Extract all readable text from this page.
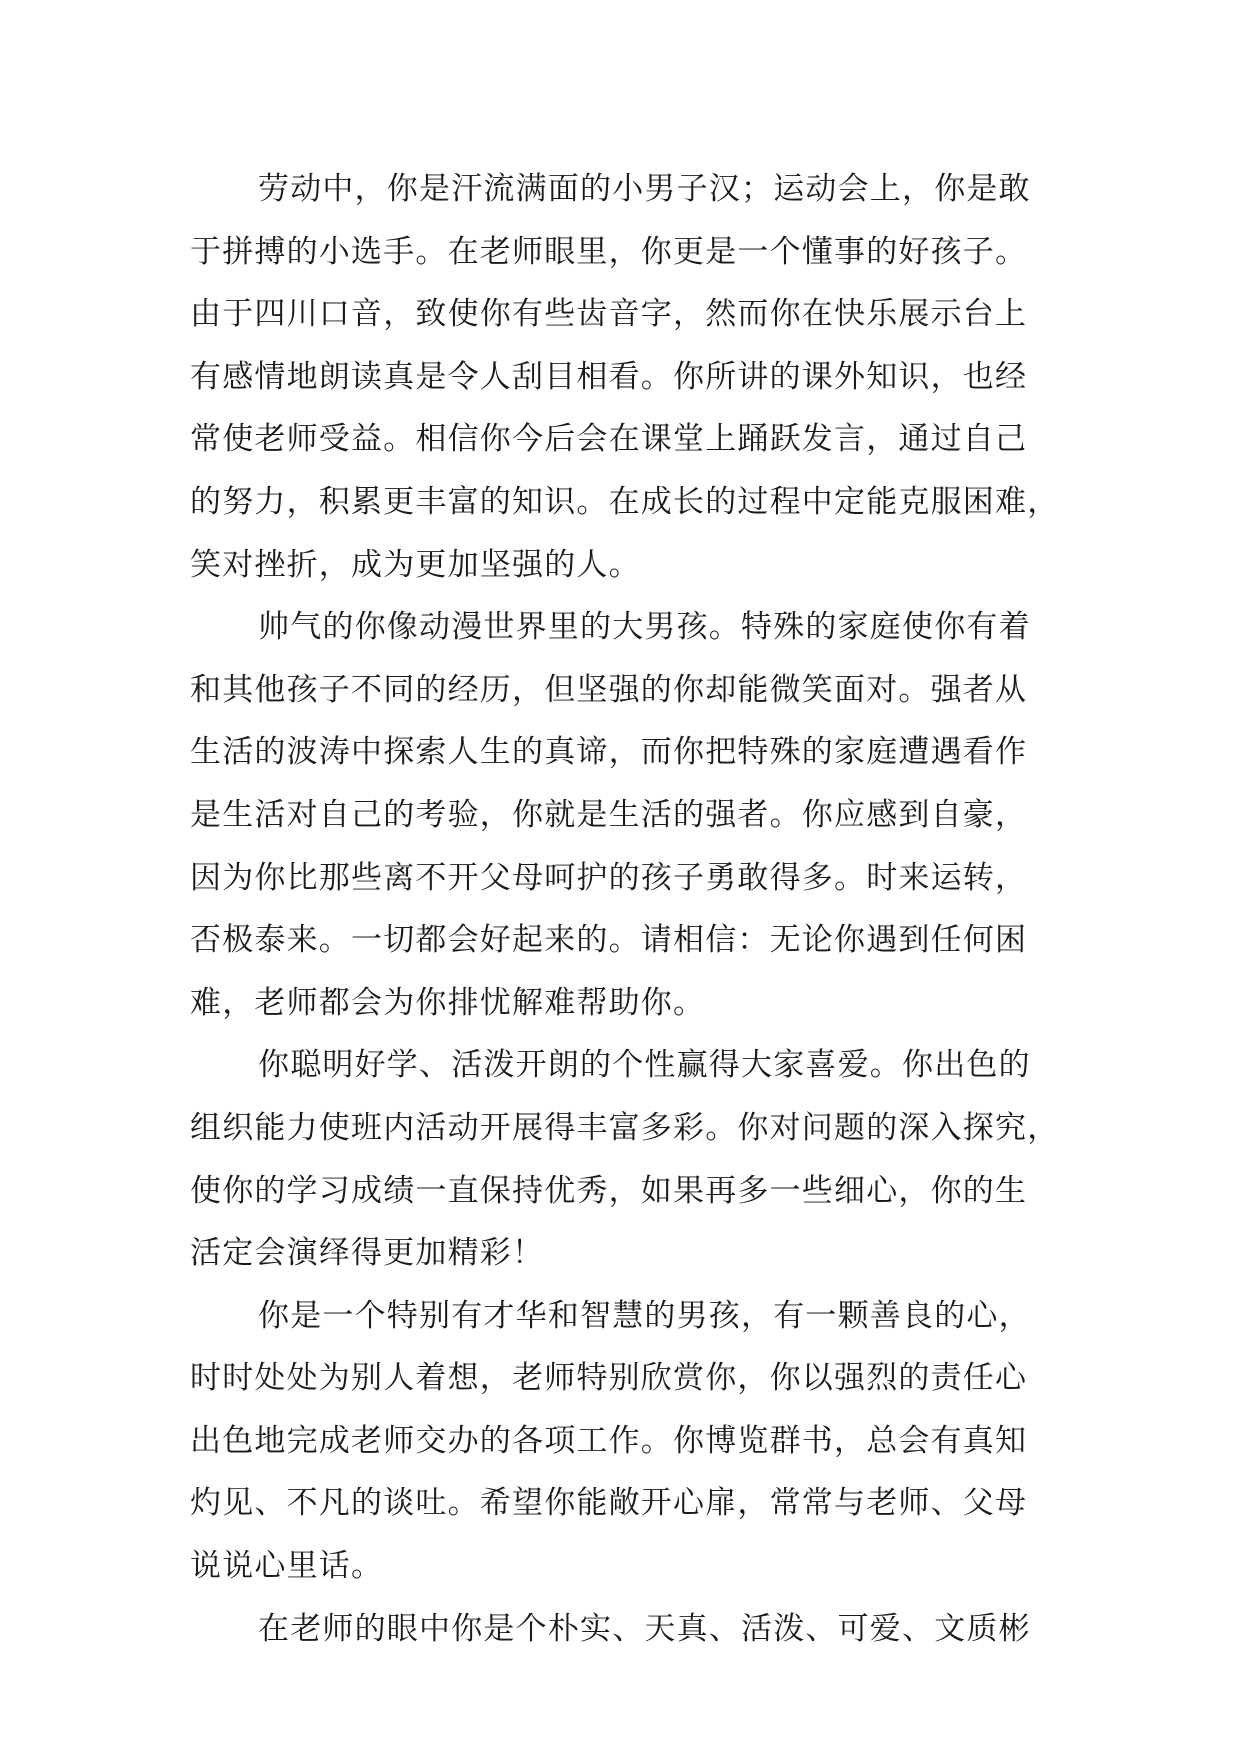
劳动中，你是汗流满面的小男子汉；运动会上，你是敢
于拼搏的小选手。在老师眼里，你更是一个懂事的好孩子。
由于四川口音，致使你有些齿音字，然而你在快乐展示台上
有感情地朗读真是令人刮目相看。你所讲的课外知识，也经
常使老师受益。相信你今后会在课堂上踊跃发言，通过自己
的努力，积累更丰富的知识。在成长的过程中定能克服困难，
笑对挫折，成为更加坚强的人。
帅气的你像动漫世界里的大男孩。特殊的家庭使你有着
和其他孩子不同的经历，但坚强的你却能微笑面对。强者从
生活的波涛中探索人生的真谛，而你把特殊的家庭遭遇看作
是生活对自己的考验，你就是生活的强者。你应感到自豪，
因为你比那些离不开父母呵护的孩子勇敢得多。时来运转，
否极泰来。一切都会好起来的。请相信：无论你遇到任何困
难，老师都会为你排忧解难帮助你。
你聪明好学、活泼开朗的个性赢得大家喜爱。你出色的
组织能力使班内活动开展得丰富多彩。你对问题的深入探究，
使你的学习成绩一直保持优秀，如果再多一些细心，你的生
活定会演绎得更加精彩！
你是一个特别有才华和智慧的男孩，有一颗善良的心，
时时处处为别人着想，老师特别欣赏你，你以强烈的责任心
出色地完成老师交办的各项工作。你博览群书，总会有真知
灼见、不凡的谈吐。希望你能敞开心扉，常常与老师、父母
说说心里话。
在老师的眼中你是个朴实、天真、活泼、可爱、文质彬
